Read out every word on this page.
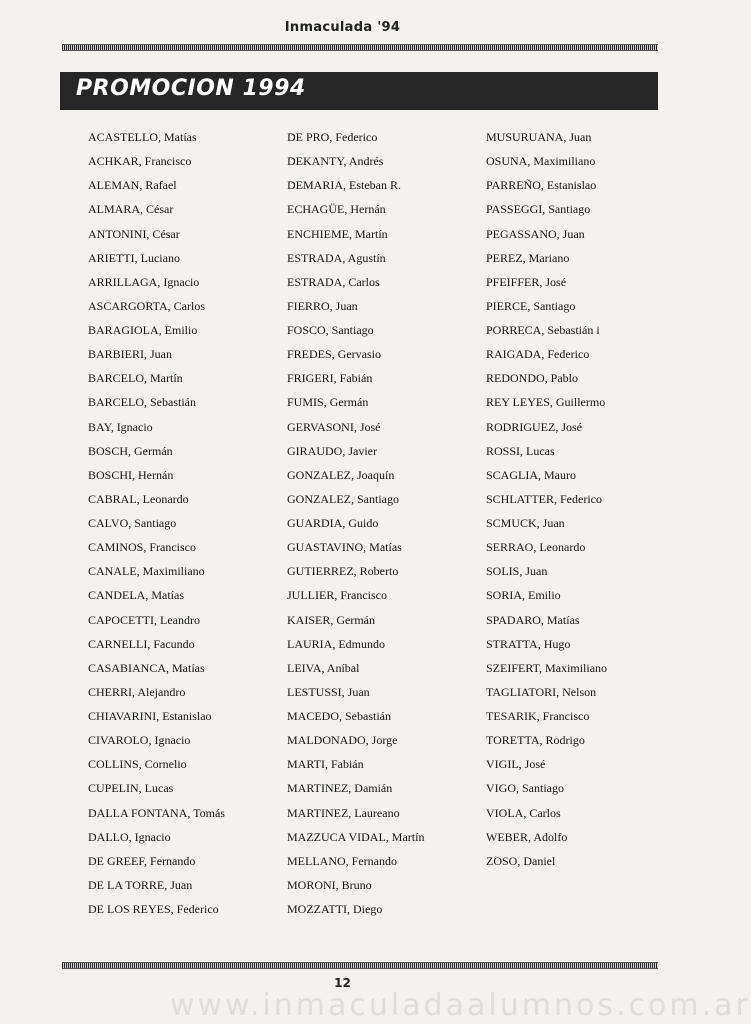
Inmaculada '94
PROMOCION 1994
ACASTELLO, Matías
ACHKAR, Francisco
ALEMAN, Rafael
ALMARA, César
ANTONINI, César
ARIETTI, Luciano
ARRILLAGA, Ignacio
ASCARGORTA, Carlos
BARAGIOLA, Emilio
BARBIERI, Juan
BARCELO, Martín
BARCELO, Sebastián
BAY, Ignacio
BOSCH, Germán
BOSCHI, Hernán
CABRAL, Leonardo
CALVO, Santiago
CAMINOS, Francisco
CANALE, Maximiliano
CANDELA, Matías
CAPOCETTI, Leandro
CARNELLI, Facundo
CASABIANCA, Matías
CHERRI, Alejandro
CHIAVARINI, Estanislao
CIVAROLO, Ignacio
COLLINS, Cornelio
CUPELIN, Lucas
DALLA FONTANA, Tomás
DALLO, Ignacio
DE GREEF, Fernando
DE LA TORRE, Juan
DE LOS REYES, Federico
DE PRO, Federico
DEKANTY, Andrés
DEMARIA, Esteban R.
ECHAGÜE, Hernán
ENCHIEME, Martín
ESTRADA, Agustín
ESTRADA, Carlos
FIERRO, Juan
FOSCO, Santiago
FREDES, Gervasio
FRIGERI, Fabián
FUMIS, Germán
GERVASONI, José
GIRAUDO, Javier
GONZALEZ, Joaquín
GONZALEZ, Santiago
GUARDIA, Guido
GUASTAVINO, Matías
GUTIERREZ, Roberto
JULLIER, Francisco
KAISER, Germán
LAURIA, Edmundo
LEIVA, Aníbal
LESTUSSI, Juan
MACEDO, Sebastián
MALDONADO, Jorge
MARTI, Fabián
MARTINEZ, Damián
MARTINEZ, Laureano
MAZZUCA VIDAL, Martín
MELLANO, Fernando
MORONI, Bruno
MOZZATTI, Diego
MUSURUANA, Juan
OSUNA, Maximiliano
PARREÑO, Estanislao
PASSEGGI, Santiago
PEGASSANO, Juan
PEREZ, Mariano
PFEIFFER, José
PIERCE, Santiago
PORRECA, Sebastián i
RAIGADA, Federico
REDONDO, Pablo
REY LEYES, Guillermo
RODRIGUEZ, José
ROSSI, Lucas
SCAGLIA, Mauro
SCHLATTER, Federico
SCMUCK, Juan
SERRAO, Leonardo
SOLIS, Juan
SORIA, Emilio
SPADARO, Matías
STRATTA, Hugo
SZEIFERT, Maximiliano
TAGLIATORI, Nelson
TESARIK, Francisco
TORETTA, Rodrigo
VIGIL, José
VIGO, Santiago
VIOLA, Carlos
WEBER, Adolfo
ZOSO, Daniel
12
www.inmaculadaalumnos.com.ar
